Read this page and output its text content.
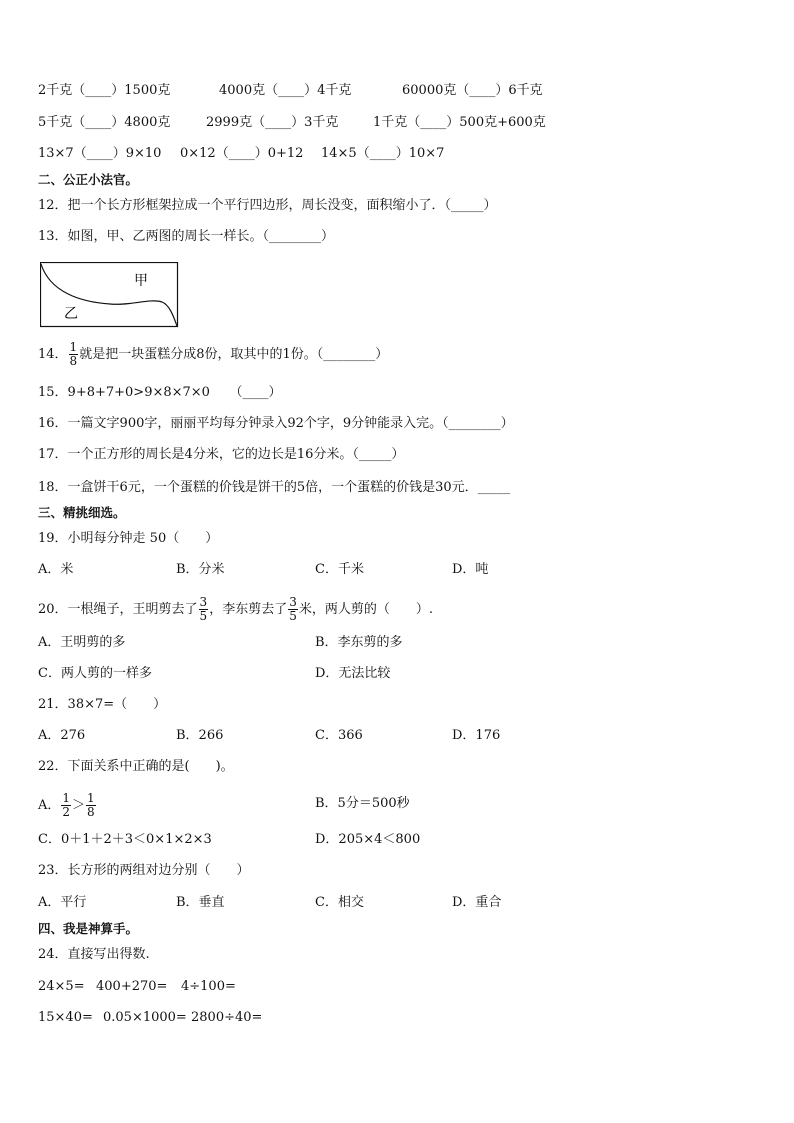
2千克（____）1500克	4000克（____）4千克	60000克（____）6千克
5千克（____）4800克	2999克（____）3千克	1千克（____）500克+600克
13×7（____）9×10 0×12（____）0+12 14×5（____）10×7
二、公正小法官。
12．把一个长方形框架拉成一个平行四边形，周长没变，面积缩小了．（_____）
13．如图，甲、乙两图的周长一样长。（________）
甲
乙
14． $\frac{1}{8}$ 就是把一块蛋糕分成8份，取其中的1份。（________）
15．9+8+7+0>9×8×7×0　　（____）
16．一篇文字900字，丽丽平均每分钟录入92个字，9分钟能录入完。（________）
17．一个正方形的周长是4分米，它的边长是16分米。（_____）
18．一盒饼干6元，一个蛋糕的价钱是饼干的5倍，一个蛋糕的价钱是30元．_____
三、精挑细选。
19．小明每分钟走 50（　　）
A．米	B．分米	C．千米	D．吨
20．一根绳子，王明剪去了 $\frac{3}{5}$ ，李东剪去了 $\frac{3}{5}$ 米，两人剪的（　　）.
A．王明剪的多	B．李东剪的多
C．两人剪的一样多	D．无法比较
21．38×7=（　　）
A．276	B．266	C．366	D．176
22．下面关系中正确的是(　　)。
A． $\frac{1}{2} > \frac{1}{8}$	B．5分＝500秒
C．0＋1＋2＋3＜0×1×2×3	D．205×4＜800
23．长方形的两组对边分别（　　）
A．平行	B．垂直	C．相交	D．重合
四、我是神算手。
24．直接写出得数.
24×5= 400+270= 4÷100=
15×40= 0.05×1000= 2800÷40=
